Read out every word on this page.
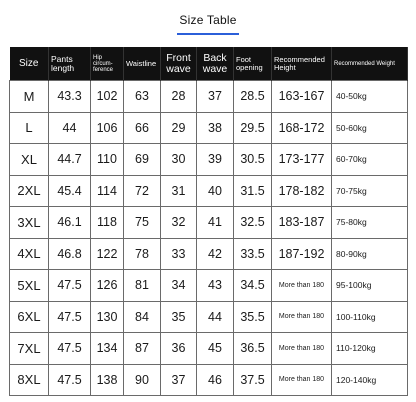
Size Table
Size	Pants length	Hip circum- ference	Waistline	Front wave	Back wave	Foot opening	Recommended Height	Recommended Weight
M	43.3	102	63	28	37	28.5	163-167	40-50kg
L	44	106	66	29	38	29.5	168-172	50-60kg
XL	44.7	110	69	30	39	30.5	173-177	60-70kg
2XL	45.4	114	72	31	40	31.5	178-182	70-75kg
3XL	46.1	118	75	32	41	32.5	183-187	75-80kg
4XL	46.8	122	78	33	42	33.5	187-192	80-90kg
5XL	47.5	126	81	34	43	34.5	More than 180	95-100kg
6XL	47.5	130	84	35	44	35.5	More than 180	100-110kg
7XL	47.5	134	87	36	45	36.5	More than 180	110-120kg
8XL	47.5	138	90	37	46	37.5	More than 180	120-140kg
